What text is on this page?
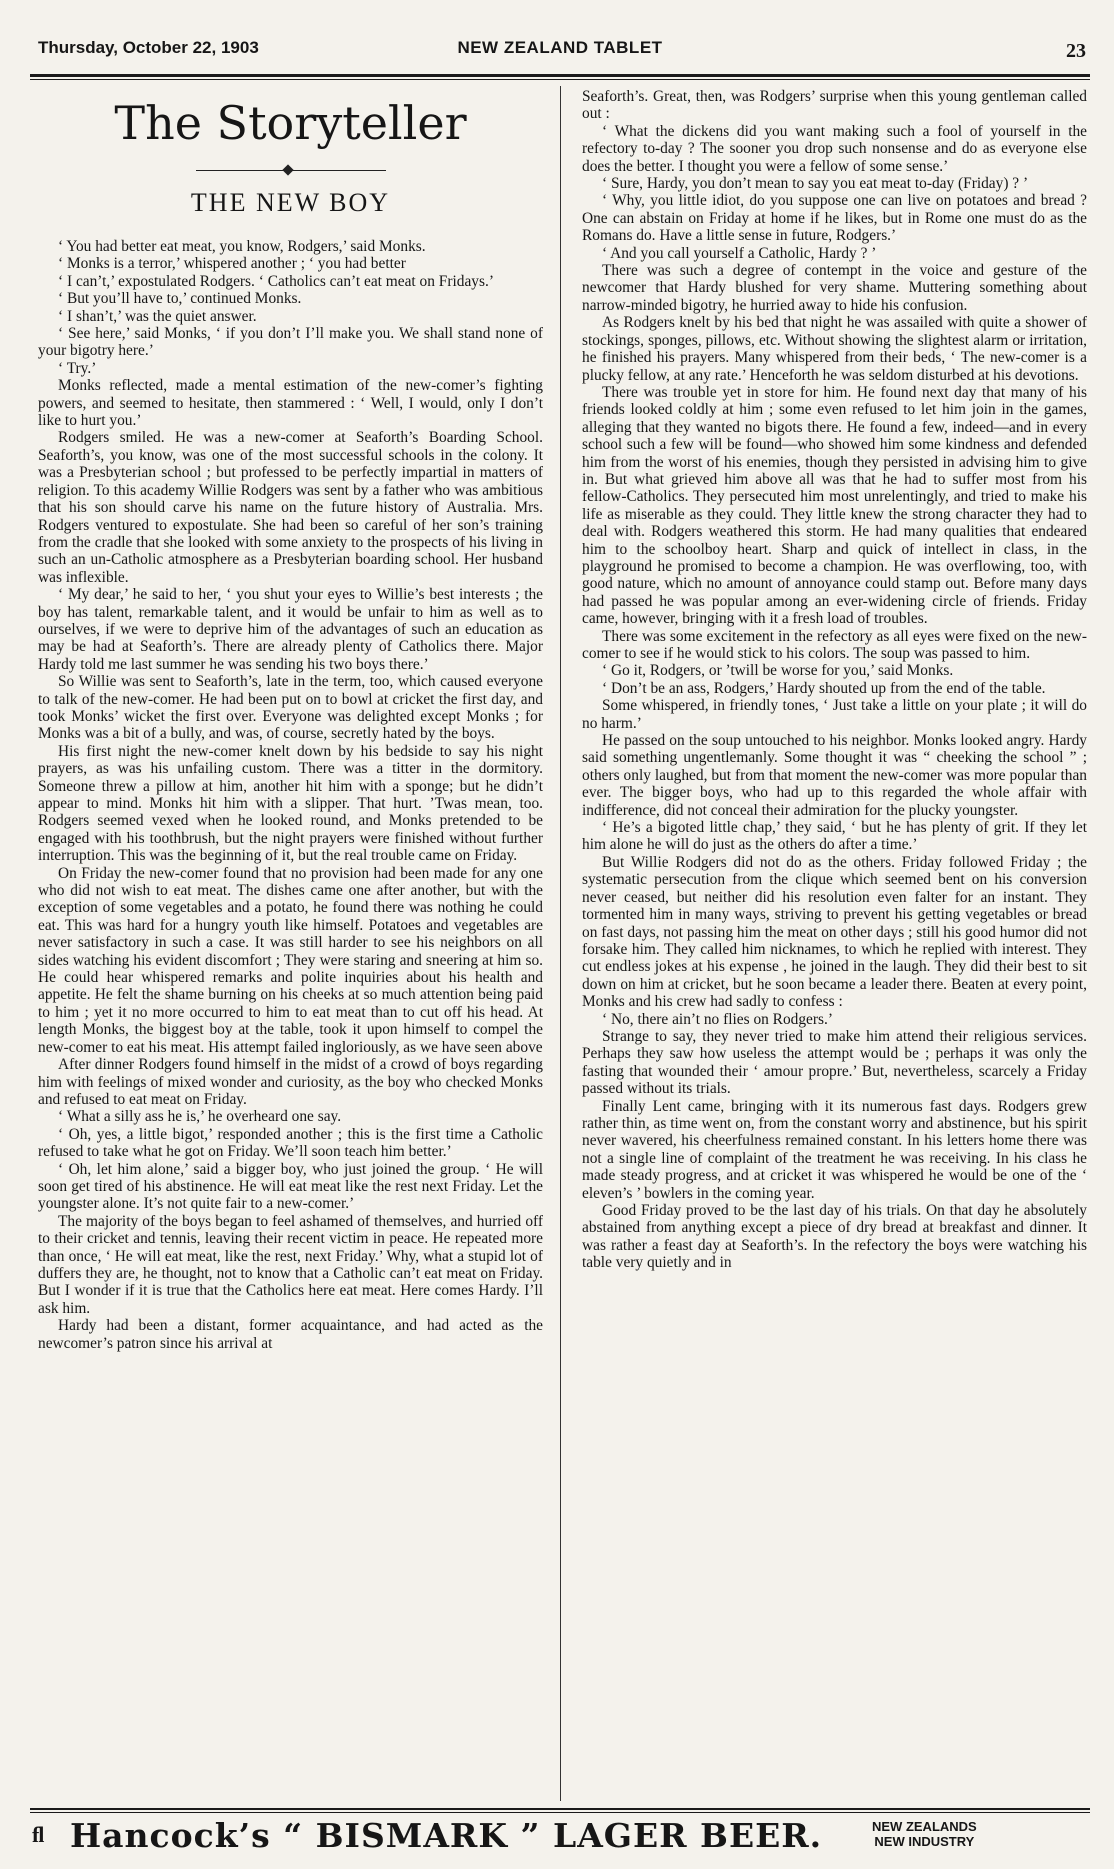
Thursday, October 22, 1903	NEW ZEALAND TABLET	23
The Storyteller
THE NEW BOY

‘ You had better eat meat, you know, Rodgers,’ said Monks.

‘ Monks is a terror,’ whispered another ; ‘ you had better

‘ I can’t,’ expostulated Rodgers. ‘ Catholics can’t eat meat on Fridays.’

‘ But you’ll have to,’ continued Monks.

‘ I shan’t,’ was the quiet answer.

‘ See here,’ said Monks, ‘ if you don’t I’ll make you. We shall stand none of your bigotry here.’

‘ Try.’

Monks reflected, made a mental estimation of the new-comer’s fighting powers, and seemed to hesitate, then stammered : ‘ Well, I would, only I don’t like to hurt you.’

Rodgers smiled. He was a new-comer at Seaforth’s Boarding School. Seaforth’s, you know, was one of the most successful schools in the colony. It was a Presbyterian school ; but professed to be perfectly impartial in matters of religion. To this academy Willie Rodgers was sent by a father who was ambitious that his son should carve his name on the future history of Australia. Mrs. Rodgers ventured to expostulate. She had been so careful of her son’s training from the cradle that she looked with some anxiety to the prospects of his living in such an un-Catholic atmosphere as a Presbyterian boarding school. Her husband was inflexible.

‘ My dear,’ he said to her, ‘ you shut your eyes to Willie’s best interests ; the boy has talent, remarkable talent, and it would be unfair to him as well as to ourselves, if we were to deprive him of the advantages of such an education as may be had at Seaforth’s. There are already plenty of Catholics there. Major Hardy told me last summer he was sending his two boys there.’

So Willie was sent to Seaforth’s, late in the term, too, which caused everyone to talk of the new-comer. He had been put on to bowl at cricket the first day, and took Monks’ wicket the first over. Everyone was delighted except Monks ; for Monks was a bit of a bully, and was, of course, secretly hated by the boys.

His first night the new-comer knelt down by his bedside to say his night prayers, as was his unfailing custom. There was a titter in the dormitory. Someone threw a pillow at him, another hit him with a sponge; but he didn’t appear to mind. Monks hit him with a slipper. That hurt. ’Twas mean, too. Rodgers seemed vexed when he looked round, and Monks pretended to be engaged with his toothbrush, but the night prayers were finished without further interruption. This was the beginning of it, but the real trouble came on Friday.

On Friday the new-comer found that no provision had been made for any one who did not wish to eat meat. The dishes came one after another, but with the exception of some vegetables and a potato, he found there was nothing he could eat. This was hard for a hungry youth like himself. Potatoes and vegetables are never satisfactory in such a case. It was still harder to see his neighbors on all sides watching his evident discomfort ; They were staring and sneering at him so. He could hear whispered remarks and polite inquiries about his health and appetite. He felt the shame burning on his cheeks at so much attention being paid to him ; yet it no more occurred to him to eat meat than to cut off his head. At length Monks, the biggest boy at the table, took it upon himself to compel the new-comer to eat his meat. His attempt failed ingloriously, as we have seen above

After dinner Rodgers found himself in the midst of a crowd of boys regarding him with feelings of mixed wonder and curiosity, as the boy who checked Monks and refused to eat meat on Friday.

‘ What a silly ass he is,’ he overheard one say.

‘ Oh, yes, a little bigot,’ responded another ; this is the first time a Catholic refused to take what he got on Friday. We’ll soon teach him better.’

‘ Oh, let him alone,’ said a bigger boy, who just joined the group. ‘ He will soon get tired of his abstinence. He will eat meat like the rest next Friday. Let the youngster alone. It’s not quite fair to a new-comer.’

The majority of the boys began to feel ashamed of themselves, and hurried off to their cricket and tennis, leaving their recent victim in peace. He repeated more than once, ‘ He will eat meat, like the rest, next Friday.’ Why, what a stupid lot of duffers they are, he thought, not to know that a Catholic can’t eat meat on Friday. But I wonder if it is true that the Catholics here eat meat. Here comes Hardy. I’ll ask him.

Hardy had been a distant, former acquaintance, and had acted as the newcomer’s patron since his arrival at

Seaforth’s. Great, then, was Rodgers’ surprise when this young gentleman called out :

‘ What the dickens did you want making such a fool of yourself in the refectory to-day ? The sooner you drop such nonsense and do as everyone else does the better. I thought you were a fellow of some sense.’

‘ Sure, Hardy, you don’t mean to say you eat meat to-day (Friday) ? ’

‘ Why, you little idiot, do you suppose one can live on potatoes and bread ? One can abstain on Friday at home if he likes, but in Rome one must do as the Romans do. Have a little sense in future, Rodgers.’

‘ And you call yourself a Catholic, Hardy ? ’

There was such a degree of contempt in the voice and gesture of the newcomer that Hardy blushed for very shame. Muttering something about narrow-minded bigotry, he hurried away to hide his confusion.

As Rodgers knelt by his bed that night he was assailed with quite a shower of stockings, sponges, pillows, etc. Without showing the slightest alarm or irritation, he finished his prayers. Many whispered from their beds, ‘ The new-comer is a plucky fellow, at any rate.’ Henceforth he was seldom disturbed at his devotions.

There was trouble yet in store for him. He found next day that many of his friends looked coldly at him ; some even refused to let him join in the games, alleging that they wanted no bigots there. He found a few, indeed—and in every school such a few will be found—who showed him some kindness and defended him from the worst of his enemies, though they persisted in advising him to give in. But what grieved him above all was that he had to suffer most from his fellow-Catholics. They persecuted him most unrelentingly, and tried to make his life as miserable as they could. They little knew the strong character they had to deal with. Rodgers weathered this storm. He had many qualities that endeared him to the schoolboy heart. Sharp and quick of intellect in class, in the playground he promised to become a champion. He was overflowing, too, with good nature, which no amount of annoyance could stamp out. Before many days had passed he was popular among an ever-widening circle of friends. Friday came, however, bringing with it a fresh load of troubles.

There was some excitement in the refectory as all eyes were fixed on the new-comer to see if he would stick to his colors. The soup was passed to him.

‘ Go it, Rodgers, or ’twill be worse for you,’ said Monks.

‘ Don’t be an ass, Rodgers,’ Hardy shouted up from the end of the table.

Some whispered, in friendly tones, ‘ Just take a little on your plate ; it will do no harm.’

He passed on the soup untouched to his neighbor. Monks looked angry. Hardy said something ungentlemanly. Some thought it was “ cheeking the school ” ; others only laughed, but from that moment the new-comer was more popular than ever. The bigger boys, who had up to this regarded the whole affair with indifference, did not conceal their admiration for the plucky youngster.

‘ He’s a bigoted little chap,’ they said, ‘ but he has plenty of grit. If they let him alone he will do just as the others do after a time.’

But Willie Rodgers did not do as the others. Friday followed Friday ; the systematic persecution from the clique which seemed bent on his conversion never ceased, but neither did his resolution even falter for an instant. They tormented him in many ways, striving to prevent his getting vegetables or bread on fast days, not passing him the meat on other days ; still his good humor did not forsake him. They called him nicknames, to which he replied with interest. They cut endless jokes at his expense , he joined in the laugh. They did their best to sit down on him at cricket, but he soon became a leader there. Beaten at every point, Monks and his crew had sadly to confess :

‘ No, there ain’t no flies on Rodgers.’

Strange to say, they never tried to make him attend their religious services. Perhaps they saw how useless the attempt would be ; perhaps it was only the fasting that wounded their ‘ amour propre.’ But, nevertheless, scarcely a Friday passed without its trials.

Finally Lent came, bringing with it its numerous fast days. Rodgers grew rather thin, as time went on, from the constant worry and abstinence, but his spirit never wavered, his cheerfulness remained constant. In his letters home there was not a single line of complaint of the treatment he was receiving. In his class he made steady progress, and at cricket it was whispered he would be one of the ‘ eleven’s ’ bowlers in the coming year.

Good Friday proved to be the last day of his trials. On that day he absolutely abstained from anything except a piece of dry bread at breakfast and dinner. It was rather a feast day at Seaforth’s. In the refectory the boys were watching his table very quietly and in

ﬂ Hancock’s “ BISMARK ” LAGER BEER.	NEW ZEALANDS
NEW INDUSTRY
